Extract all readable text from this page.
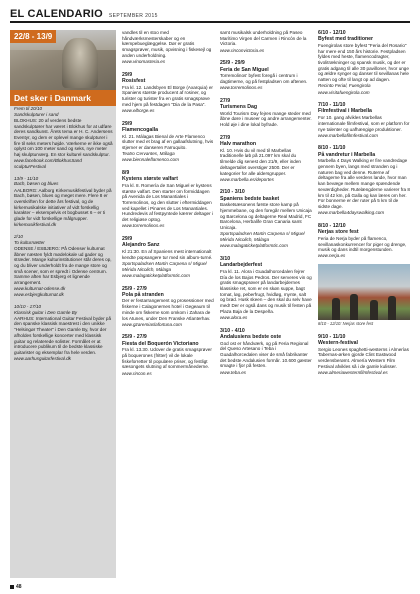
EL CALENDARIO SEPTEMBER 2015
22/8 - 13/9
Det sker i Danmark
Frem til 20/10
Sandskulpturer i sand
BLOKHUS: 20 af verdens bedste sandskulptører har været i Blokhus for at udføre deres sandkunst. Årets tema er H. C. Andersens Eventyr, og dem er oplevel mange skulpturer i fire til seks meters højde. Værkerne er ikke også oplyst om 100 meter sand og seks, nye meter høj skulpturværg. En stor kulturel sandskulptur.
www.facebook.com/BlokhusSand sculpturFestival
13/9 - 11/10
Bach, bøsen og blues
AALBORG: Aalborg Kirkemusikfestival byder på Bach, bøsen, blues og meget mere. Flere 8 er overskriften for dette års festival, og de kirkemusikalske initiativer af vidt forskellig karakter – eksempelvis et bogbusset 6 – er ti glade for vidt forskellige målgrupper.
kirkemusikfestival.dk
2/10
To kulturnætter
ODENSE / ESBJERG: På Odenser kulturnat åbner næsten fyldt mødelokale ud gader og stræder. Mange kulturinstitutioner står deres op, og du bliver underholdt fra de mange store og små scener, som er spredt i Odense centrum. Samme aften har Esbjerg et lignende arrangement.
www.kulturnat-odense.dk www.esbjergkulturnat.dk
10/10 - 17/10
Klassisk guitar i Den Gamle By
AARHUS: International Guitar Festival byder på den spanske klassisk maestrest i den unikke "Helsingør Theater" i Den Gamle By, hvor der afholdes forskellige koncerter med klassisk guitar og relaterede solister. Formålet er at introducere publikum til de bedste klassiske guitarister og eksemplar fra hele verden.
www.aarhusguitarfestival.dk
vandles til en stoo med håndværksmesterskaber og en kæmpebueglæggelse. Dør er gratis smagsprøver, musik, opvisning i fiskesejl og anden underholdning.
www.vinomasteria.es
29/9
Rosisfest
Fra kl. 12. Landsbyen El Borge (Axarquia) er Spaniens største producent af rosiner, og turister og turister fra en gratis smagsprøve med hjem på festdagen "Dia de la Pasa".
www.elborge.es
29/9
Flamencogalla
Kl. 21. Málagas Bienal de Arte Flamenco slutter med et brag af en gallaafslutning, hvis stjerner er danseren Farruquito.
Teatro Cervantes, Málaga
www.biennaleflamenco.com
8/9
Kystens største valfart
Fra kl. 8. Romería de San Miguel er kystens største valfart. Den starter om formiddagen på Avenida de Los Manantiales i Torremolinos, og den slutter i eftermiddagen ved kapellet i Pinares de Los Manantiales. Hundredevis af festpyntede kærrer deltager i det religiøse optog.
www.torremolinos.es
29/9
Alejandro Sanz
Kl 21:30. En af Spaniens mest internationalt kendte popsangere tur med sin album-turné.
Sportspaladsen Martin Carpena s/ Miguel Mérida Nicolich, Málaga
www.malagaticketplatformtic.com
25/9 - 27/9
Pola på stranden
Der er festarrangement og prosessioner med fiskerne i Calagonernes hotel i Gegeaum til minde om fiskerne som omkom i Zahara de los Atunes, under Den Franske Atlanterhav.
www.gzaremiaslafortuna.com
25/9 - 27/9
Fiesta del Boquerón Victoriano
Fra kl. 13.30. Udover de gratis smagsprøver på boquerones (fritter) vil de lokale fiskeforretter til populære priser, og festligt sæsongets slutning af sommermånederne.
www.rincon.es
samt musikalsk underholdning på Paseo Marítimo Virgen del Carmen i Rincón de la Victoria.
www.rinconvictoria.es
25/9 - 29/9
Feria de San Miguel
Torremolinos' byfest foregå i centrum i dagtimerne, og på festpladsen om aftenen.
www.torremolinos.es
27/9
Turismens Dag
World Tourism Day fejres mange steder med åbne døre i museer og andre arrangementer. Hold øje i dine lokal byfrade.
27/9
Halv marathon
Kl. 10. Hvis du vil med til Marbellas traditionelle løb på 21.097 km skal du tilmelde dig senest den 21/9, eller inden deltagertallet overstiger 2500. Der er kategorier for alle aldersgrupper.
www.marbella.es/deportes
2/10 - 3/10
Spaniens bedste basket
Basketsæsonens første store kamp på hjemmebane, og den foregår mellem Unicaja og Barcelona og deltagerne Real Madrid, FC Barcelona, Herbalife Gran Canaria samt Unicaja.
Sportspaladsen Martin Carpena s/ Miguel Mérida Nicolich, Málaga
www.malagaticketplatformtic.com
3/10
Landarbejderfest
Fra kl. 11. Alora i Guadalhorcedalen fejrer Día de los Bajos Pedros. Der serveres vin og gratis smagsprøver på landarbejdernes klassiske ret, som er en skøn suppe, bagt tomat, løg, peberfrugt, hvidløg, mynte, salt og brød. Husk skeen – den skal du selv have med! Der er også dans og musik til festen på Plaza Baja de la Despeña.
www.alora.es
3/10 - 4/10
Andalusiens bedste oste
God ost er håndværk, og på Feria Regional del Queso Artesano i Teba i Guadalhorcedalen viser de små fabrikanter det bedste Andalusien formår. 10.600 gæster smagte i fjor på festen.
www.teba.es
6/10 - 12/10
Byfest med traditioner
Fuengirolas store byfest "Feria del Rosario" har mere end 150 års historie. Festpladsen fyldes med heste, flamencodragter, tivolitrækninger og spansk musik, og der er gratis adgang til alle 30 pavilloner, hvor unge og ældre synger og danser til sevillanas hele natten og ofte til langt op ad dagen.
Recinto Ferial, Fuengirola
www.visitafuengirola.com
7/10 - 11/10
Filmfestival i Marbella
For 10. gang afvikles Marbellas internationale filmfestival, som er platform for nye talenter og uafhængige produktioner.
www.marbellafilmfestival.com
8/10 - 11/10
På vandretur i Marbella
Marbella 4 Days Walking er fire vandredage gennem byen, langs med stranden og i naturen bag ved denne. Ruterne af deltagerne fra alle verdens lande, hvor man kan bevæge mellem mange spændende seværdigheder. Rutelængderne varierer fra 8 km til 42 km, på Galla og kan læres om her. For bonnerne er der ruter på 5 km til de sidste dage.
www.marbella4dayswalking.com
8/10 - 12/10
Nerjas store fest
Feria de Nerja byder på flamenco, sevillanaskonkurrencer for piger og drenge, musik og dans indtil morgenstunden.
www.nerja.es
8/10 - 12/10: Nerjas store fest
9/10 - 11/10
Western-festival
Sergio Leones spaghetti-westerns i Almerías Tabernas-ørken gjorde Clint Eastwood verdensberømt. Almería Western Film Festival afvikles så i de gamle kulisser.
www.almeriawesternfilmfestival.es
48
